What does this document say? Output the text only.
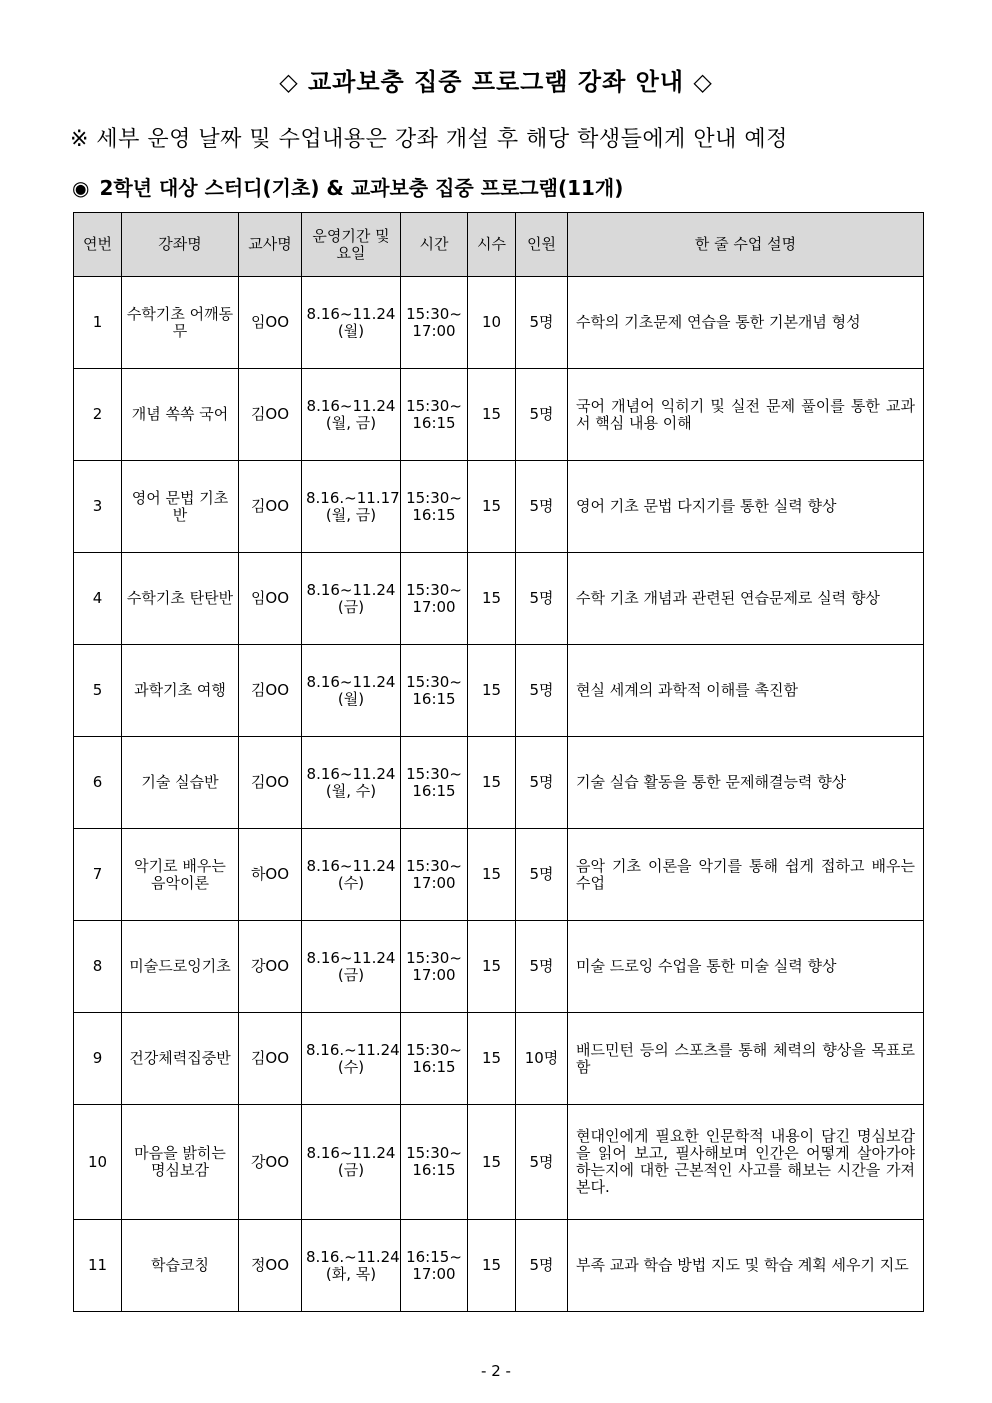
◇ 교과보충 집중 프로그램 강좌 안내 ◇
※ 세부 운영 날짜 및 수업내용은 강좌 개설 후 해당 학생들에게 안내 예정
◉ 2학년 대상 스터디(기초) & 교과보충 집중 프로그램(11개)
연번	강좌명	교사명	운영기간 및 요일	시간	시수	인원	한 줄 수업 설명
1	수학기초 어깨동무	임OO	8.16~11.24 (월)	15:30~ 17:00	10	5명	수학의 기초문제 연습을 통한 기본개념 형성
2	개념 쏙쏙 국어	김OO	8.16~11.24 (월, 금)	15:30~ 16:15	15	5명	국어 개념어 익히기 및 실전 문제 풀이를 통한 교과서 핵심 내용 이해
3	영어 문법 기초반	김OO	8.16.~11.17 (월, 금)	15:30~ 16:15	15	5명	영어 기초 문법 다지기를 통한 실력 향상
4	수학기초 탄탄반	임OO	8.16~11.24 (금)	15:30~ 17:00	15	5명	수학 기초 개념과 관련된 연습문제로 실력 향상
5	과학기초 여행	김OO	8.16~11.24 (월)	15:30~ 16:15	15	5명	현실 세계의 과학적 이해를 촉진함
6	기술 실습반	김OO	8.16~11.24 (월, 수)	15:30~ 16:15	15	5명	기술 실습 활동을 통한 문제해결능력 향상
7	악기로 배우는 음악이론	하OO	8.16~11.24 (수)	15:30~ 17:00	15	5명	음악 기초 이론을 악기를 통해 쉽게 접하고 배우는 수업
8	미술드로잉기초	강OO	8.16~11.24 (금)	15:30~ 17:00	15	5명	미술 드로잉 수업을 통한 미술 실력 향상
9	건강체력집중반	김OO	8.16.~11.24 (수)	15:30~ 16:15	15	10명	배드민턴 등의 스포츠를 통해 체력의 향상을 목표로 함
10	마음을 밝히는 명심보감	강OO	8.16~11.24 (금)	15:30~ 16:15	15	5명	현대인에게 필요한 인문학적 내용이 담긴 명심보감을 읽어 보고, 필사해보며 인간은 어떻게 살아가야 하는지에 대한 근본적인 사고를 해보는 시간을 가져본다.
11	학습코칭	정OO	8.16.~11.24 (화, 목)	16:15~ 17:00	15	5명	부족 교과 학습 방법 지도 및 학습 계획 세우기 지도
- 2 -
